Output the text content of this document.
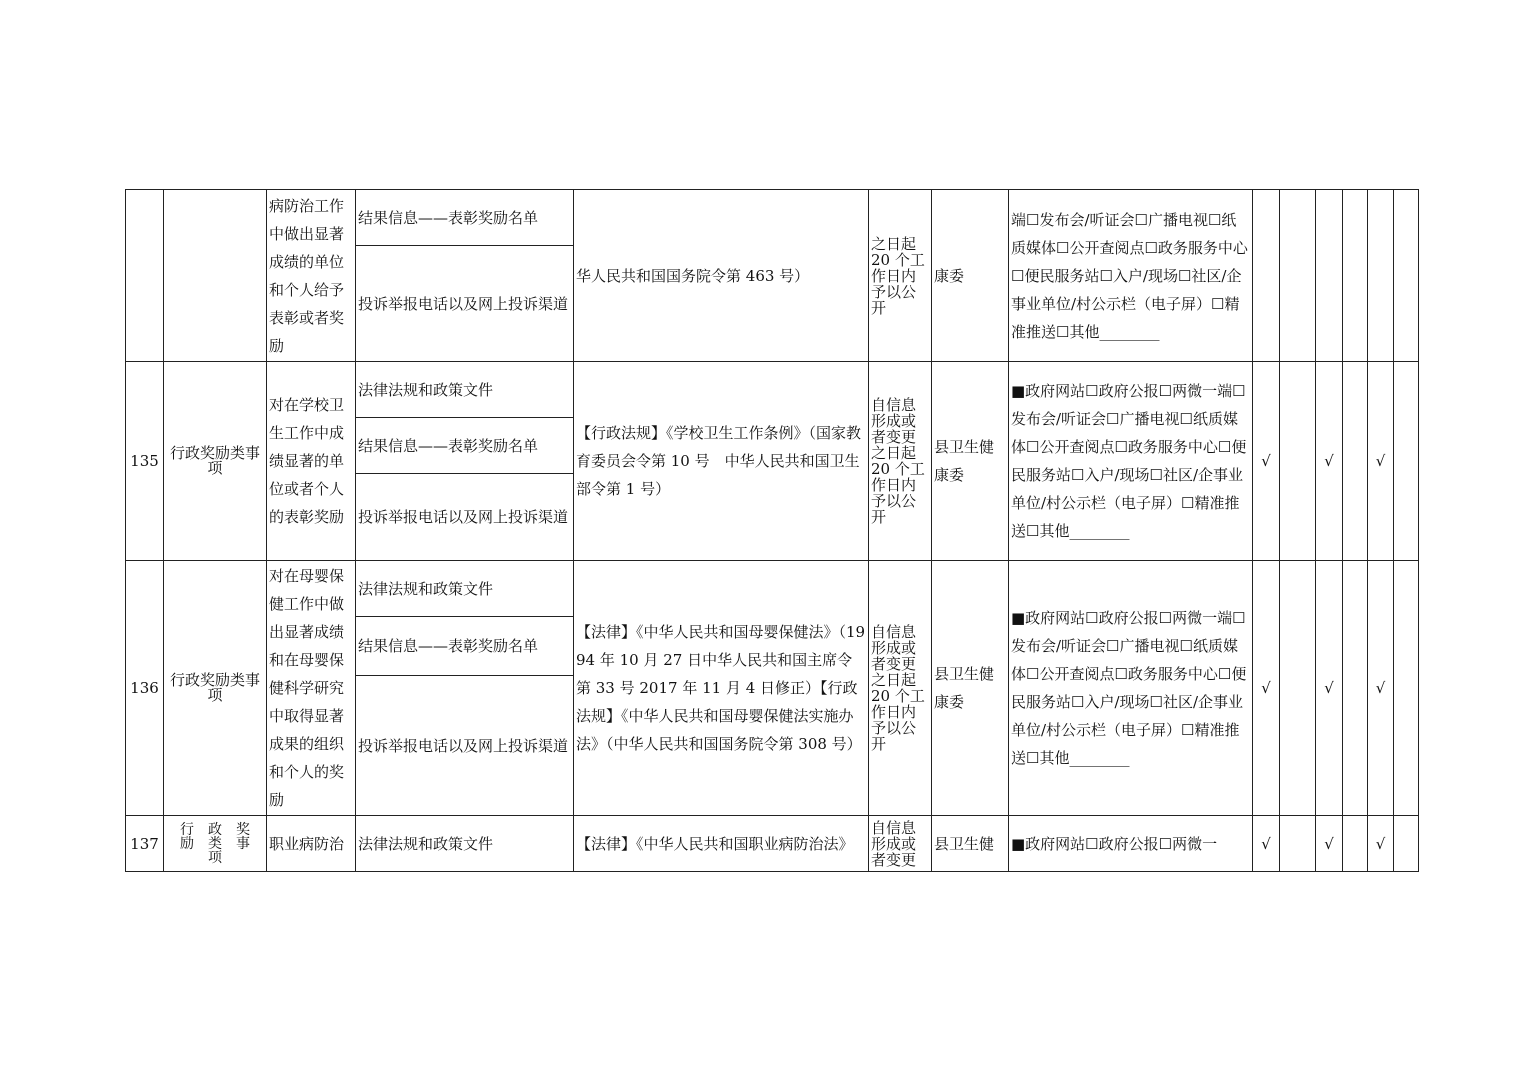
		病防治工作中做出显著成绩的单位和个人给予表彰或者奖励	结果信息——表彰奖励名单	华人民共和国国务院令第 463 号）	之日起 20 个工作日内予以公开	康委	端☐发布会/听证会☐广播电视☐纸质媒体☐公开查阅点☐政务服务中心☐便民服务站☐入户/现场☐社区/企事业单位/村公示栏（电子屏）☐精准推送☐其他________						
			投诉举报电话以及网上投诉渠道										
135	行政奖励类事项	对在学校卫生工作中成绩显著的单位或者个人的表彰奖励	法律法规和政策文件	【行政法规】《学校卫生工作条例》（国家教育委员会令第 10 号　中华人民共和国卫生部令第 1 号）	自信息形成或者变更之日起 20 个工作日内予以公开	县卫生健康委	■政府网站☐政府公报☐两微一端☐发布会/听证会☐广播电视☐纸质媒体☐公开查阅点☐政务服务中心☐便民服务站☐入户/现场☐社区/企事业单位/村公示栏（电子屏）☐精准推送☐其他________	√		√		√	
			结果信息——表彰奖励名单										
			投诉举报电话以及网上投诉渠道										
136	行政奖励类事项	对在母婴保健工作中做出显著成绩和在母婴保健科学研究中取得显著成果的组织和个人的奖励	法律法规和政策文件	【法律】《中华人民共和国母婴保健法》（1994 年 10 月 27 日中华人民共和国主席令第 33 号 2017 年 11 月 4 日修正）【行政法规】《中华人民共和国母婴保健法实施办法》（中华人民共和国国务院令第 308 号）	自信息形成或者变更之日起 20 个工作日内予以公开	县卫生健康委	■政府网站☐政府公报☐两微一端☐发布会/听证会☐广播电视☐纸质媒体☐公开查阅点☐政务服务中心☐便民服务站☐入户/现场☐社区/企事业单位/村公示栏（电子屏）☐精准推送☐其他________	√		√		√	
			结果信息——表彰奖励名单										
			投诉举报电话以及网上投诉渠道										
137	行　政　奖
励　类　事
项	职业病防治	法律法规和政策文件	【法律】《中华人民共和国职业病防治法》	自信息形成或者变更	县卫生健	■政府网站☐政府公报☐两微一	√		√		√	
